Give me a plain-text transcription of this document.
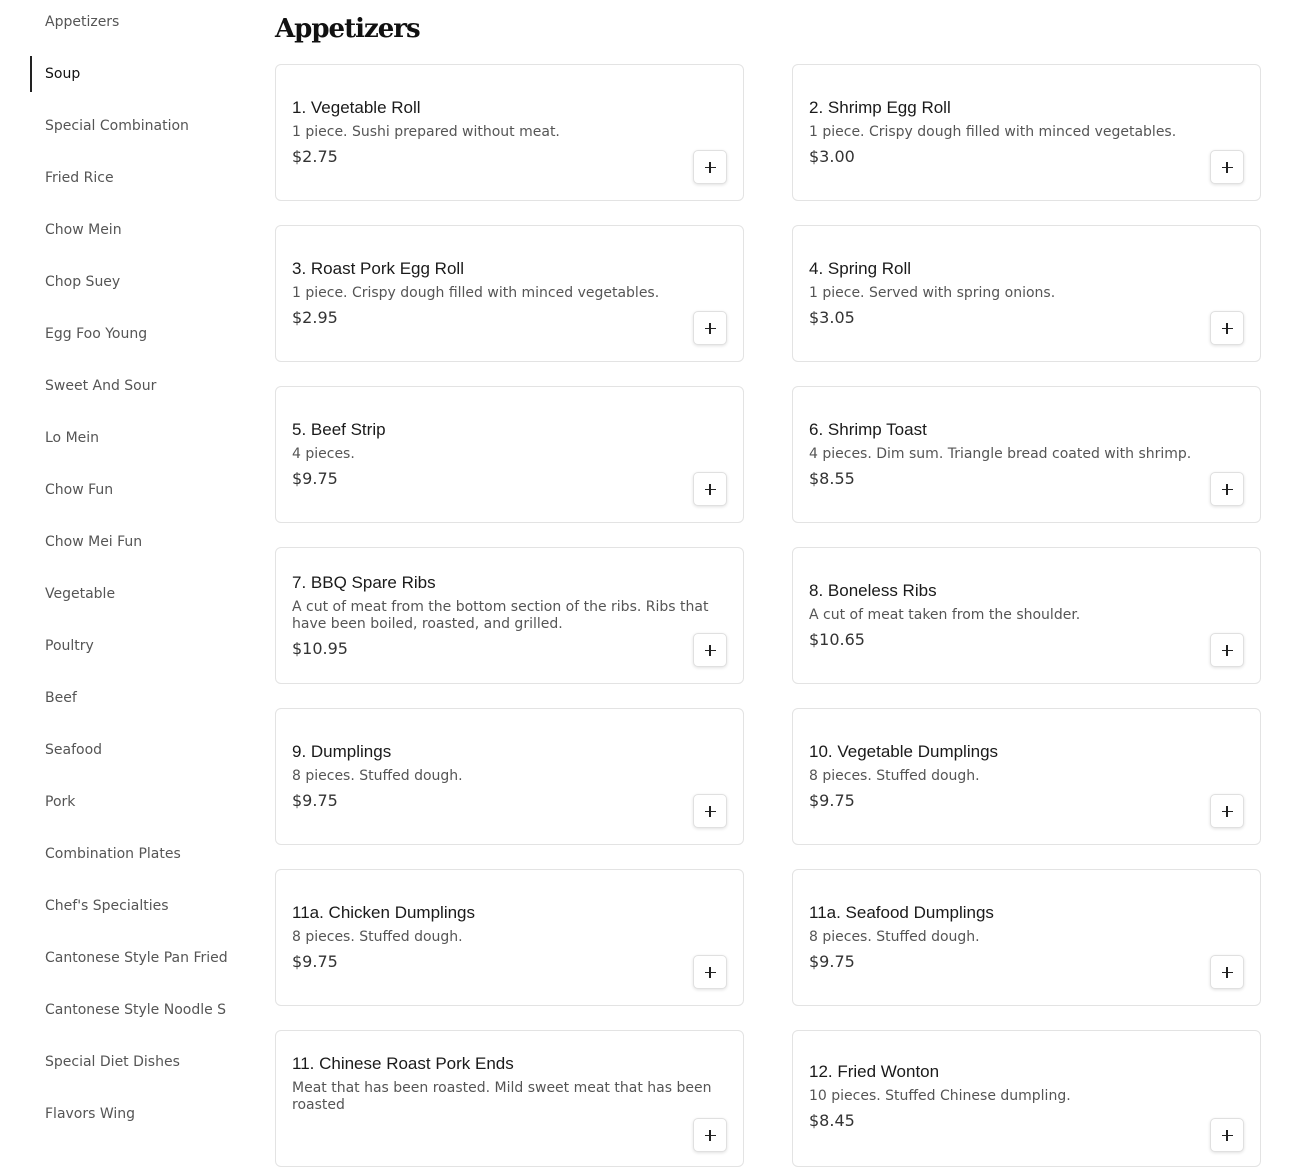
Appetizers
Soup
Special Combination
Fried Rice
Chow Mein
Chop Suey
Egg Foo Young
Sweet And Sour
Lo Mein
Chow Fun
Chow Mei Fun
Vegetable
Poultry
Beef
Seafood
Pork
Combination Plates
Chef's Specialties
Cantonese Style Pan Fried
Cantonese Style Noodle S
Special Diet Dishes
Flavors Wing
Appetizers
1. Vegetable Roll
1 piece. Sushi prepared without meat.
$2.75
2. Shrimp Egg Roll
1 piece. Crispy dough filled with minced vegetables.
$3.00
3. Roast Pork Egg Roll
1 piece. Crispy dough filled with minced vegetables.
$2.95
4. Spring Roll
1 piece. Served with spring onions.
$3.05
5. Beef Strip
4 pieces.
$9.75
6. Shrimp Toast
4 pieces. Dim sum. Triangle bread coated with shrimp.
$8.55
7. BBQ Spare Ribs
A cut of meat from the bottom section of the ribs. Ribs that have been boiled, roasted, and grilled.
$10.95
8. Boneless Ribs
A cut of meat taken from the shoulder.
$10.65
9. Dumplings
8 pieces. Stuffed dough.
$9.75
10. Vegetable Dumplings
8 pieces. Stuffed dough.
$9.75
11a. Chicken Dumplings
8 pieces. Stuffed dough.
$9.75
11a. Seafood Dumplings
8 pieces. Stuffed dough.
$9.75
11. Chinese Roast Pork Ends
Meat that has been roasted. Mild sweet meat that has been roasted
12. Fried Wonton
10 pieces. Stuffed Chinese dumpling.
$8.45
